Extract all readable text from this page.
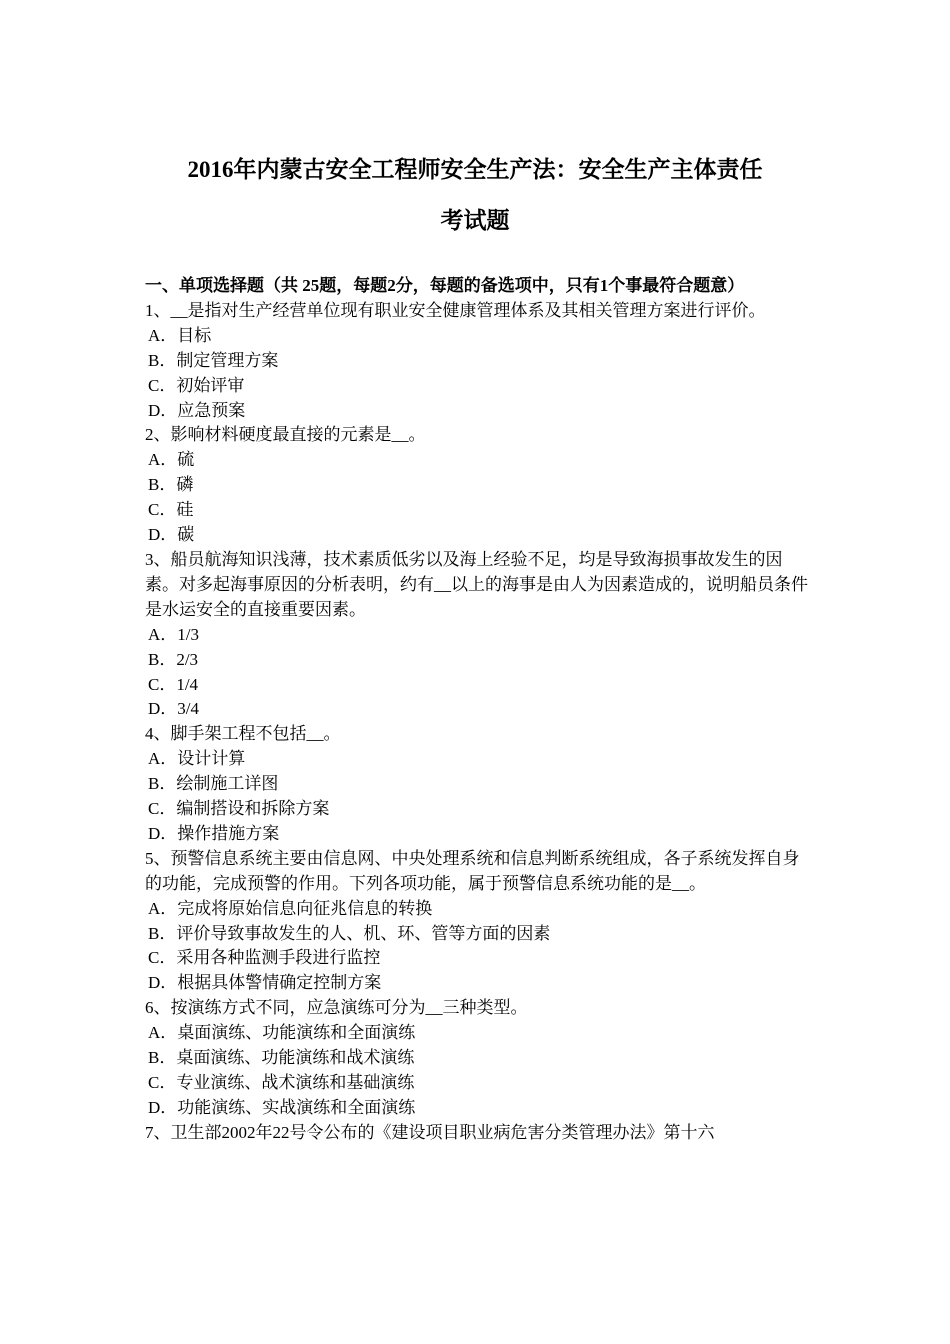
2016年内蒙古安全工程师安全生产法：安全生产主体责任
考试题

一、单项选择题（共 25题，每题2分，每题的备选项中，只有1个事最符合题意）

1、__是指对生产经营单位现有职业安全健康管理体系及其相关管理方案进行评价。

A．目标

B．制定管理方案

C．初始评审

D．应急预案

2、影响材料硬度最直接的元素是__。

A．硫

B．磷

C．硅

D．碳

3、船员航海知识浅薄，技术素质低劣以及海上经验不足，均是导致海损事故发生的因素。对多起海事原因的分析表明，约有__以上的海事是由人为因素造成的，说明船员条件是水运安全的直接重要因素。

A．1/3

B．2/3

C．1/4

D．3/4

4、脚手架工程不包括__。

A．设计计算

B．绘制施工详图

C．编制搭设和拆除方案

D．操作措施方案

5、预警信息系统主要由信息网、中央处理系统和信息判断系统组成，各子系统发挥自身的功能，完成预警的作用。下列各项功能，属于预警信息系统功能的是__。

A．完成将原始信息向征兆信息的转换

B．评价导致事故发生的人、机、环、管等方面的因素

C．采用各种监测手段进行监控

D．根据具体警情确定控制方案

6、按演练方式不同，应急演练可分为__三种类型。

A．桌面演练、功能演练和全面演练

B．桌面演练、功能演练和战术演练

C．专业演练、战术演练和基础演练

D．功能演练、实战演练和全面演练

7、卫生部2002年22号令公布的《建设项目职业病危害分类管理办法》第十六
